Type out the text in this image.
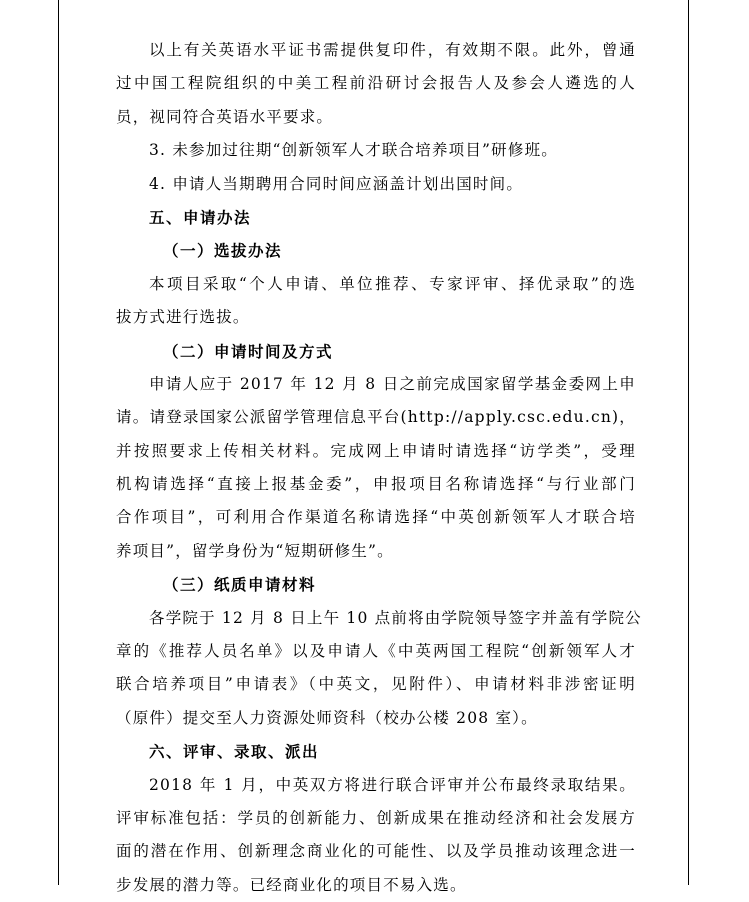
以上有关英语水平证书需提供复印件，有效期不限。此外，曾通
过中国工程院组织的中美工程前沿研讨会报告人及参会人遴选的人
员，视同符合英语水平要求。
3. 未参加过往期“创新领军人才联合培养项目”研修班。
4. 申请人当期聘用合同时间应涵盖计划出国时间。
五、申请办法
（一）选拔办法
本项目采取“个人申请、单位推荐、专家评审、择优录取”的选
拔方式进行选拔。
（二）申请时间及方式
申请人应于 2017 年 12 月 8 日之前完成国家留学基金委网上申
请。请登录国家公派留学管理信息平台(http://apply.csc.edu.cn)，
并按照要求上传相关材料。完成网上申请时请选择“访学类”，受理
机构请选择“直接上报基金委”，申报项目名称请选择“与行业部门
合作项目”，可利用合作渠道名称请选择“中英创新领军人才联合培
养项目”，留学身份为“短期研修生”。
（三）纸质申请材料
各学院于 12 月 8 日上午 10 点前将由学院领导签字并盖有学院公
章的《推荐人员名单》以及申请人《中英两国工程院“创新领军人才
联合培养项目”申请表》（中英文，见附件）、申请材料非涉密证明
（原件）提交至人力资源处师资科（校办公楼 208 室）。
六、评审、录取、派出
2018 年 1 月，中英双方将进行联合评审并公布最终录取结果。
评审标准包括：学员的创新能力、创新成果在推动经济和社会发展方
面的潜在作用、创新理念商业化的可能性、以及学员推动该理念进一
步发展的潜力等。已经商业化的项目不易入选。
